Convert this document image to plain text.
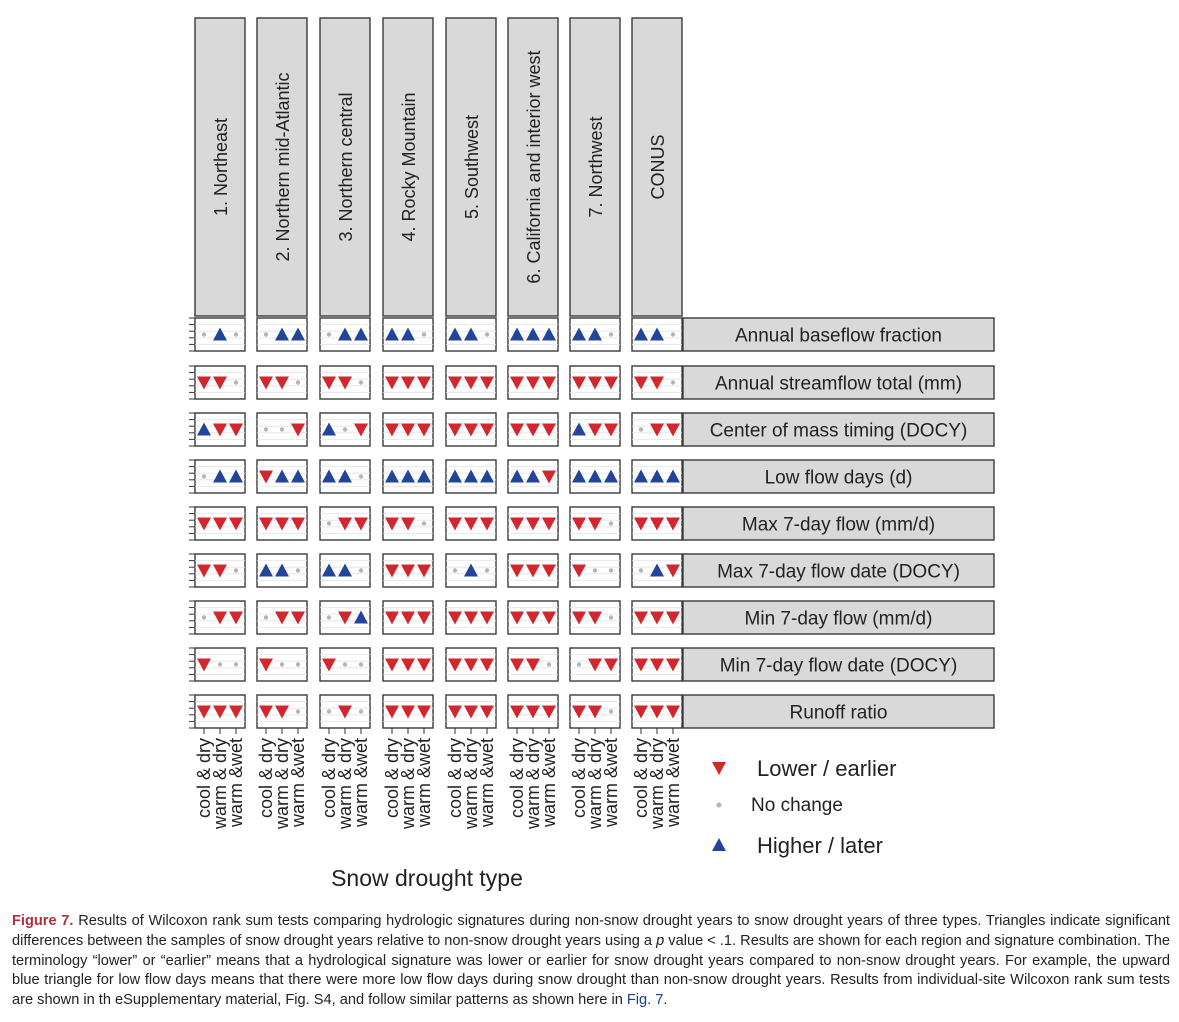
1. Northeast 2. Northern mid-Atlantic 3. Northern central 4. Rocky Mountain 5. Southwest 6. California and interior west 7. Northwest CONUS
Annual baseflow fraction
Annual streamflow total (mm)
Center of mass timing (DOCY)
Low flow days (d)
Max 7-day flow (mm/d)
Max 7-day flow date (DOCY)
Min 7-day flow (mm/d)
Min 7-day flow date (DOCY)
Runoff ratio
cool & dry
warm & dry
warm &wet cool & dry
warm & dry
warm &wet cool & dry
warm & dry
warm &wet cool & dry
warm & dry
warm &wet cool & dry
warm & dry
warm &wet cool & dry
warm & dry
warm &wet cool & dry
warm & dry
warm &wet cool & dry
warm & dry
warm &wet
Snow drought type
Lower / earlier
No change
Higher / later
Figure 7. Results of Wilcoxon rank sum tests comparing hydrologic signatures during non-snow drought years to snow drought years of three types. Triangles indicate significant differences between the samples of snow drought years relative to non-snow drought years using a p value < .1. Results are shown for each region and signature combination. The terminology “lower” or “earlier” means that a hydrological signature was lower or earlier for snow drought years compared to non-snow drought years. For example, the upward blue triangle for low flow days means that there were more low flow days during snow drought than non-snow drought years. Results from individual-site Wilcoxon rank sum tests are shown in th eSupplementary material, Fig. S4, and follow similar patterns as shown here in Fig. 7.
